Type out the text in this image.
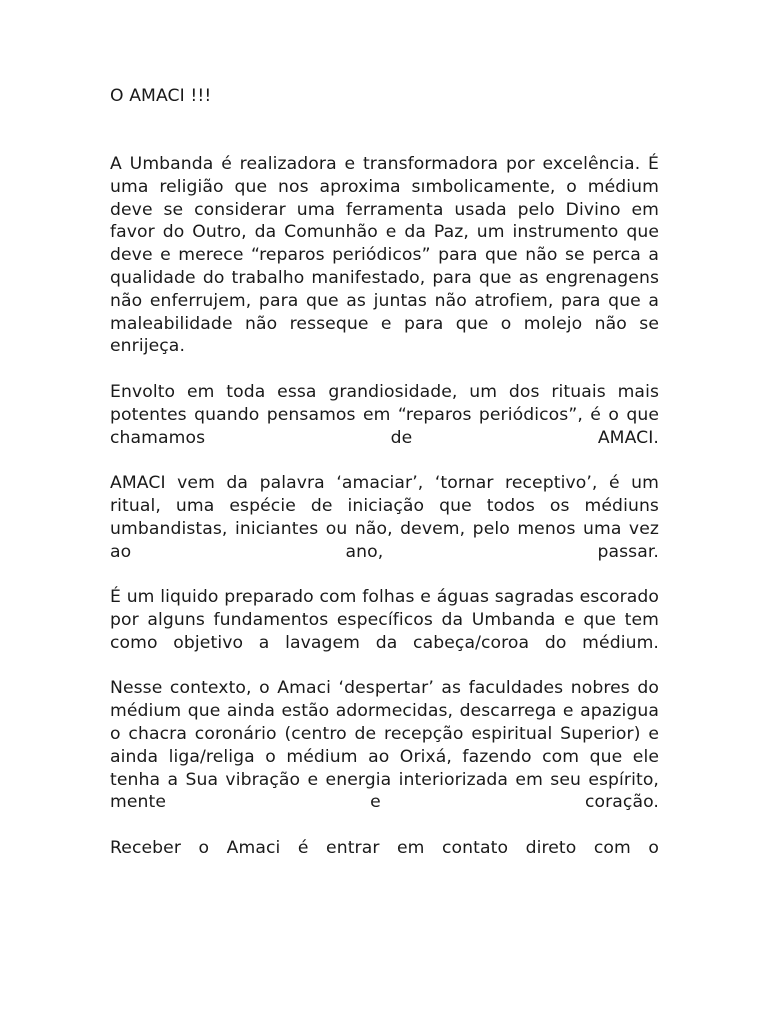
O AMACI !!!

A Umbanda é realizadora e transformadora por excelência. É uma religião que nos aproxima sımbolicamente, o médium deve se considerar uma ferramenta usada pelo Divino em favor do Outro, da Comunhão e da Paz, um instrumento que deve e merece “reparos periódicos” para que não se perca a qualidade do trabalho manifestado, para que as engrenagens não enferrujem, para que as juntas não atrofiem, para que a maleabilidade não resseque e para que o molejo não se enrijeça.

Envolto em toda essa grandiosidade, um dos rituais mais potentes quando pensamos em “reparos periódicos”, é o que chamamos de AMACI.

AMACI vem da palavra ‘amaciar’, ‘tornar receptivo’, é um ritual, uma espécie de iniciação que todos os médiuns umbandistas, iniciantes ou não, devem, pelo menos uma vez ao ano, passar.

É um liquido preparado com folhas e águas sagradas escorado por alguns fundamentos específicos da Umbanda e que tem como objetivo a lavagem da cabeça/coroa do médium.

Nesse contexto, o Amaci ‘despertar’ as faculdades nobres do médium que ainda estão adormecidas, descarrega e apazigua o chacra coronário (centro de recepção espiritual Superior) e ainda liga/religa o médium ao Orixá, fazendo com que ele tenha a Sua vibração e energia interiorizada em seu espírito, mente e coração.

Receber o Amaci é entrar em contato direto com o
